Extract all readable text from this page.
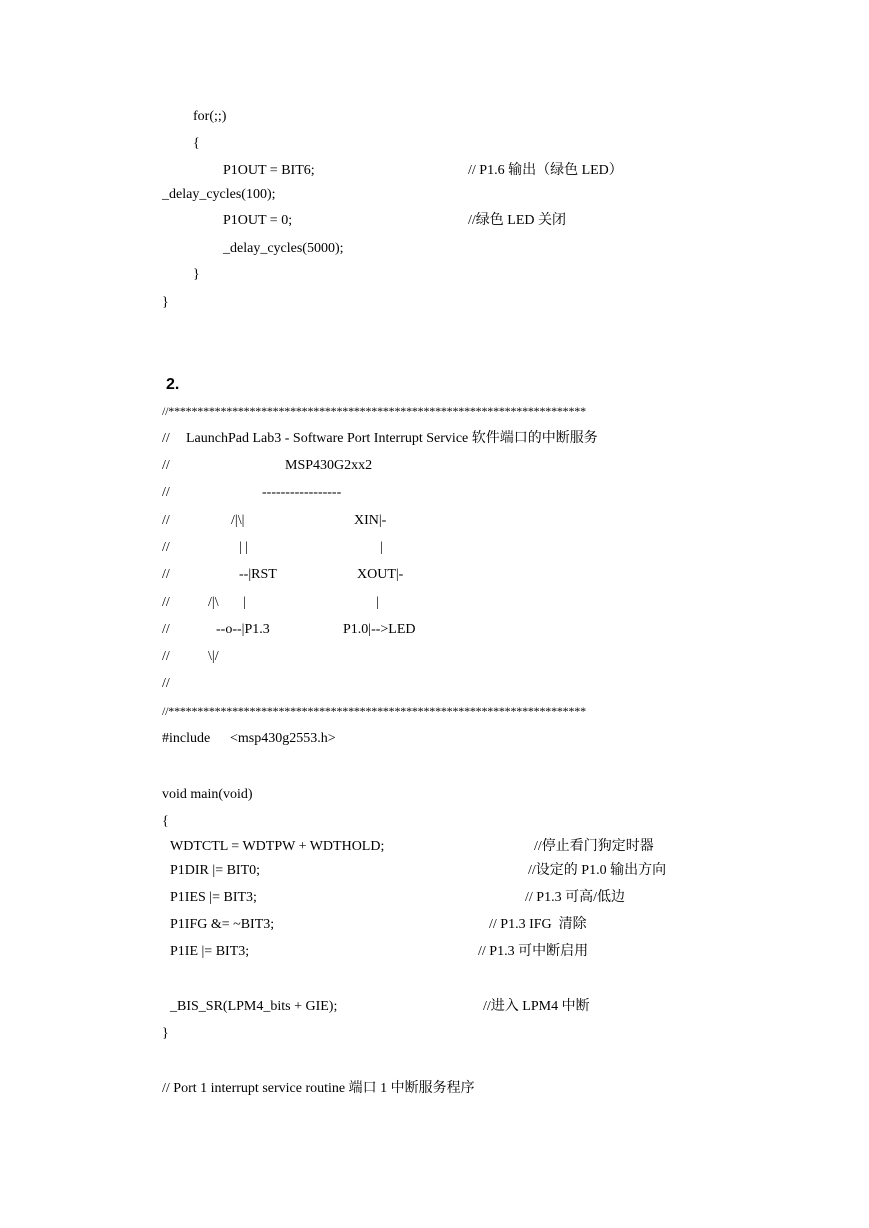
for(;;)
{
P1OUT = BIT6;	// P1.6 输出（绿色 LED）
_delay_cycles(100);
P1OUT = 0;	//绿色 LED 关闭
_delay_cycles(5000);
}
}
2.
//************************************************************************
// LaunchPad Lab3 - Software Port Interrupt Service 软件端口的中断服务
//	MSP430G2xx2
//	-----------------
//	/|\|	XIN|-
//	| |	|
//	--|RST	XOUT|-
//	/|\ |	|
//	--o--|P1.3	P1.0|-->LED
//	\|/
//
//************************************************************************
#include <msp430g2553.h>
void main(void)
{
WDTCTL = WDTPW + WDTHOLD;	//停止看门狗定时器
P1DIR |= BIT0;	//设定的 P1.0 输出方向
P1IES |= BIT3;	// P1.3 可高/低边
P1IFG &= ~BIT3;	// P1.3 IFG  清除
P1IE |= BIT3;	// P1.3 可中断启用
_BIS_SR(LPM4_bits + GIE);	//进入 LPM4 中断
}
// Port 1 interrupt service routine 端口 1 中断服务程序
